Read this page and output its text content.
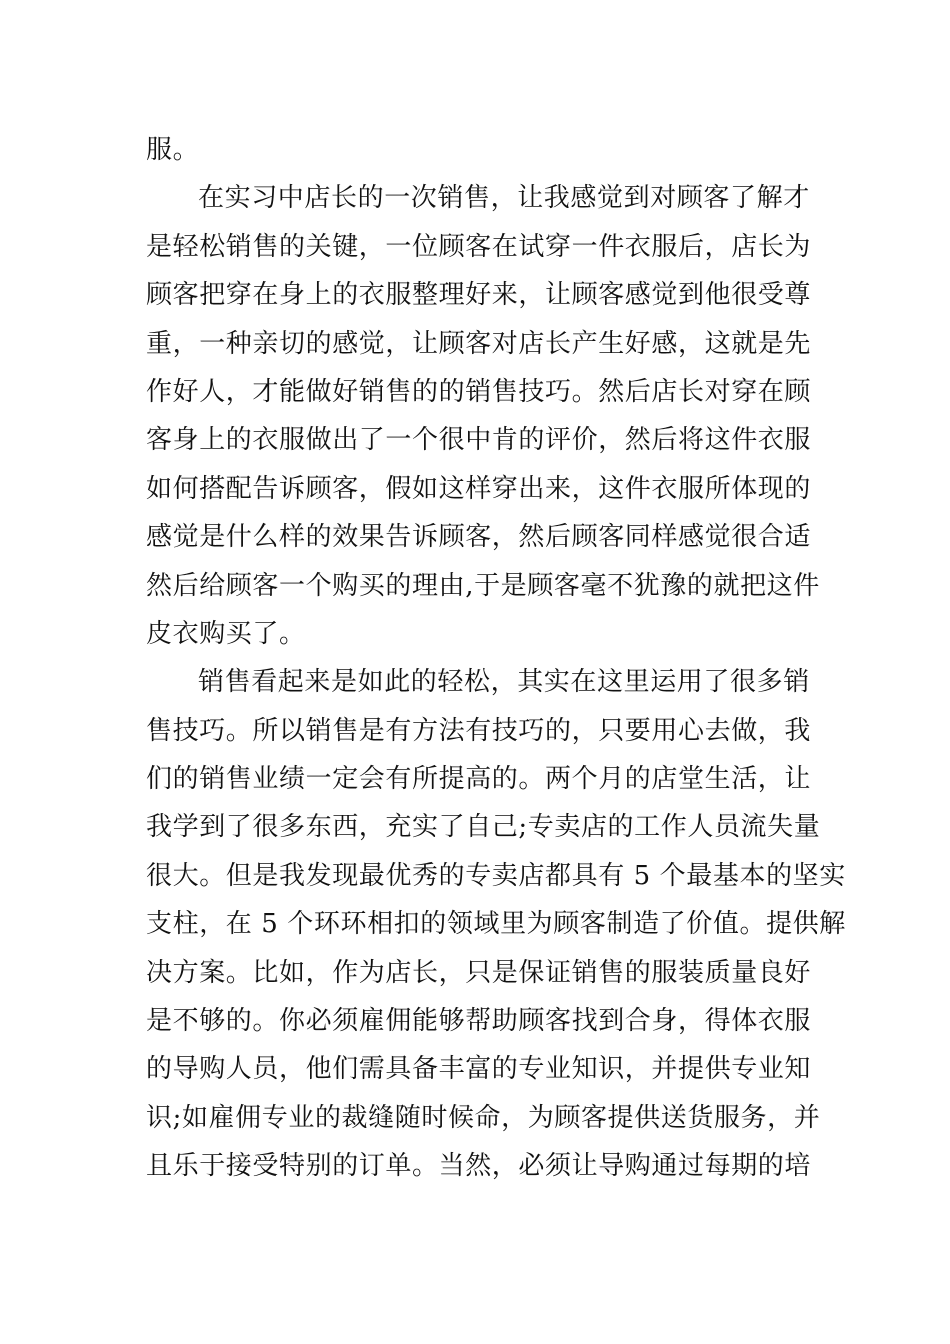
服。
在实习中店长的一次销售，让我感觉到对顾客了解才
是轻松销售的关键，一位顾客在试穿一件衣服后，店长为
顾客把穿在身上的衣服整理好来，让顾客感觉到他很受尊
重，一种亲切的感觉，让顾客对店长产生好感，这就是先
作好人，才能做好销售的的销售技巧。然后店长对穿在顾
客身上的衣服做出了一个很中肯的评价，然后将这件衣服
如何搭配告诉顾客，假如这样穿出来，这件衣服所体现的
感觉是什么样的效果告诉顾客，然后顾客同样感觉很合适
然后给顾客一个购买的理由,于是顾客毫不犹豫的就把这件
皮衣购买了。
销售看起来是如此的轻松，其实在这里运用了很多销
售技巧。所以销售是有方法有技巧的，只要用心去做，我
们的销售业绩一定会有所提高的。两个月的店堂生活，让
我学到了很多东西，充实了自己;专卖店的工作人员流失量
很大。但是我发现最优秀的专卖店都具有 5 个最基本的坚实
支柱，在 5 个环环相扣的领域里为顾客制造了价值。提供解
决方案。比如，作为店长，只是保证销售的服装质量良好
是不够的。你必须雇佣能够帮助顾客找到合身，得体衣服
的导购人员，他们需具备丰富的专业知识，并提供专业知
识;如雇佣专业的裁缝随时候命，为顾客提供送货服务，并
且乐于接受特别的订单。当然，必须让导购通过每期的培
